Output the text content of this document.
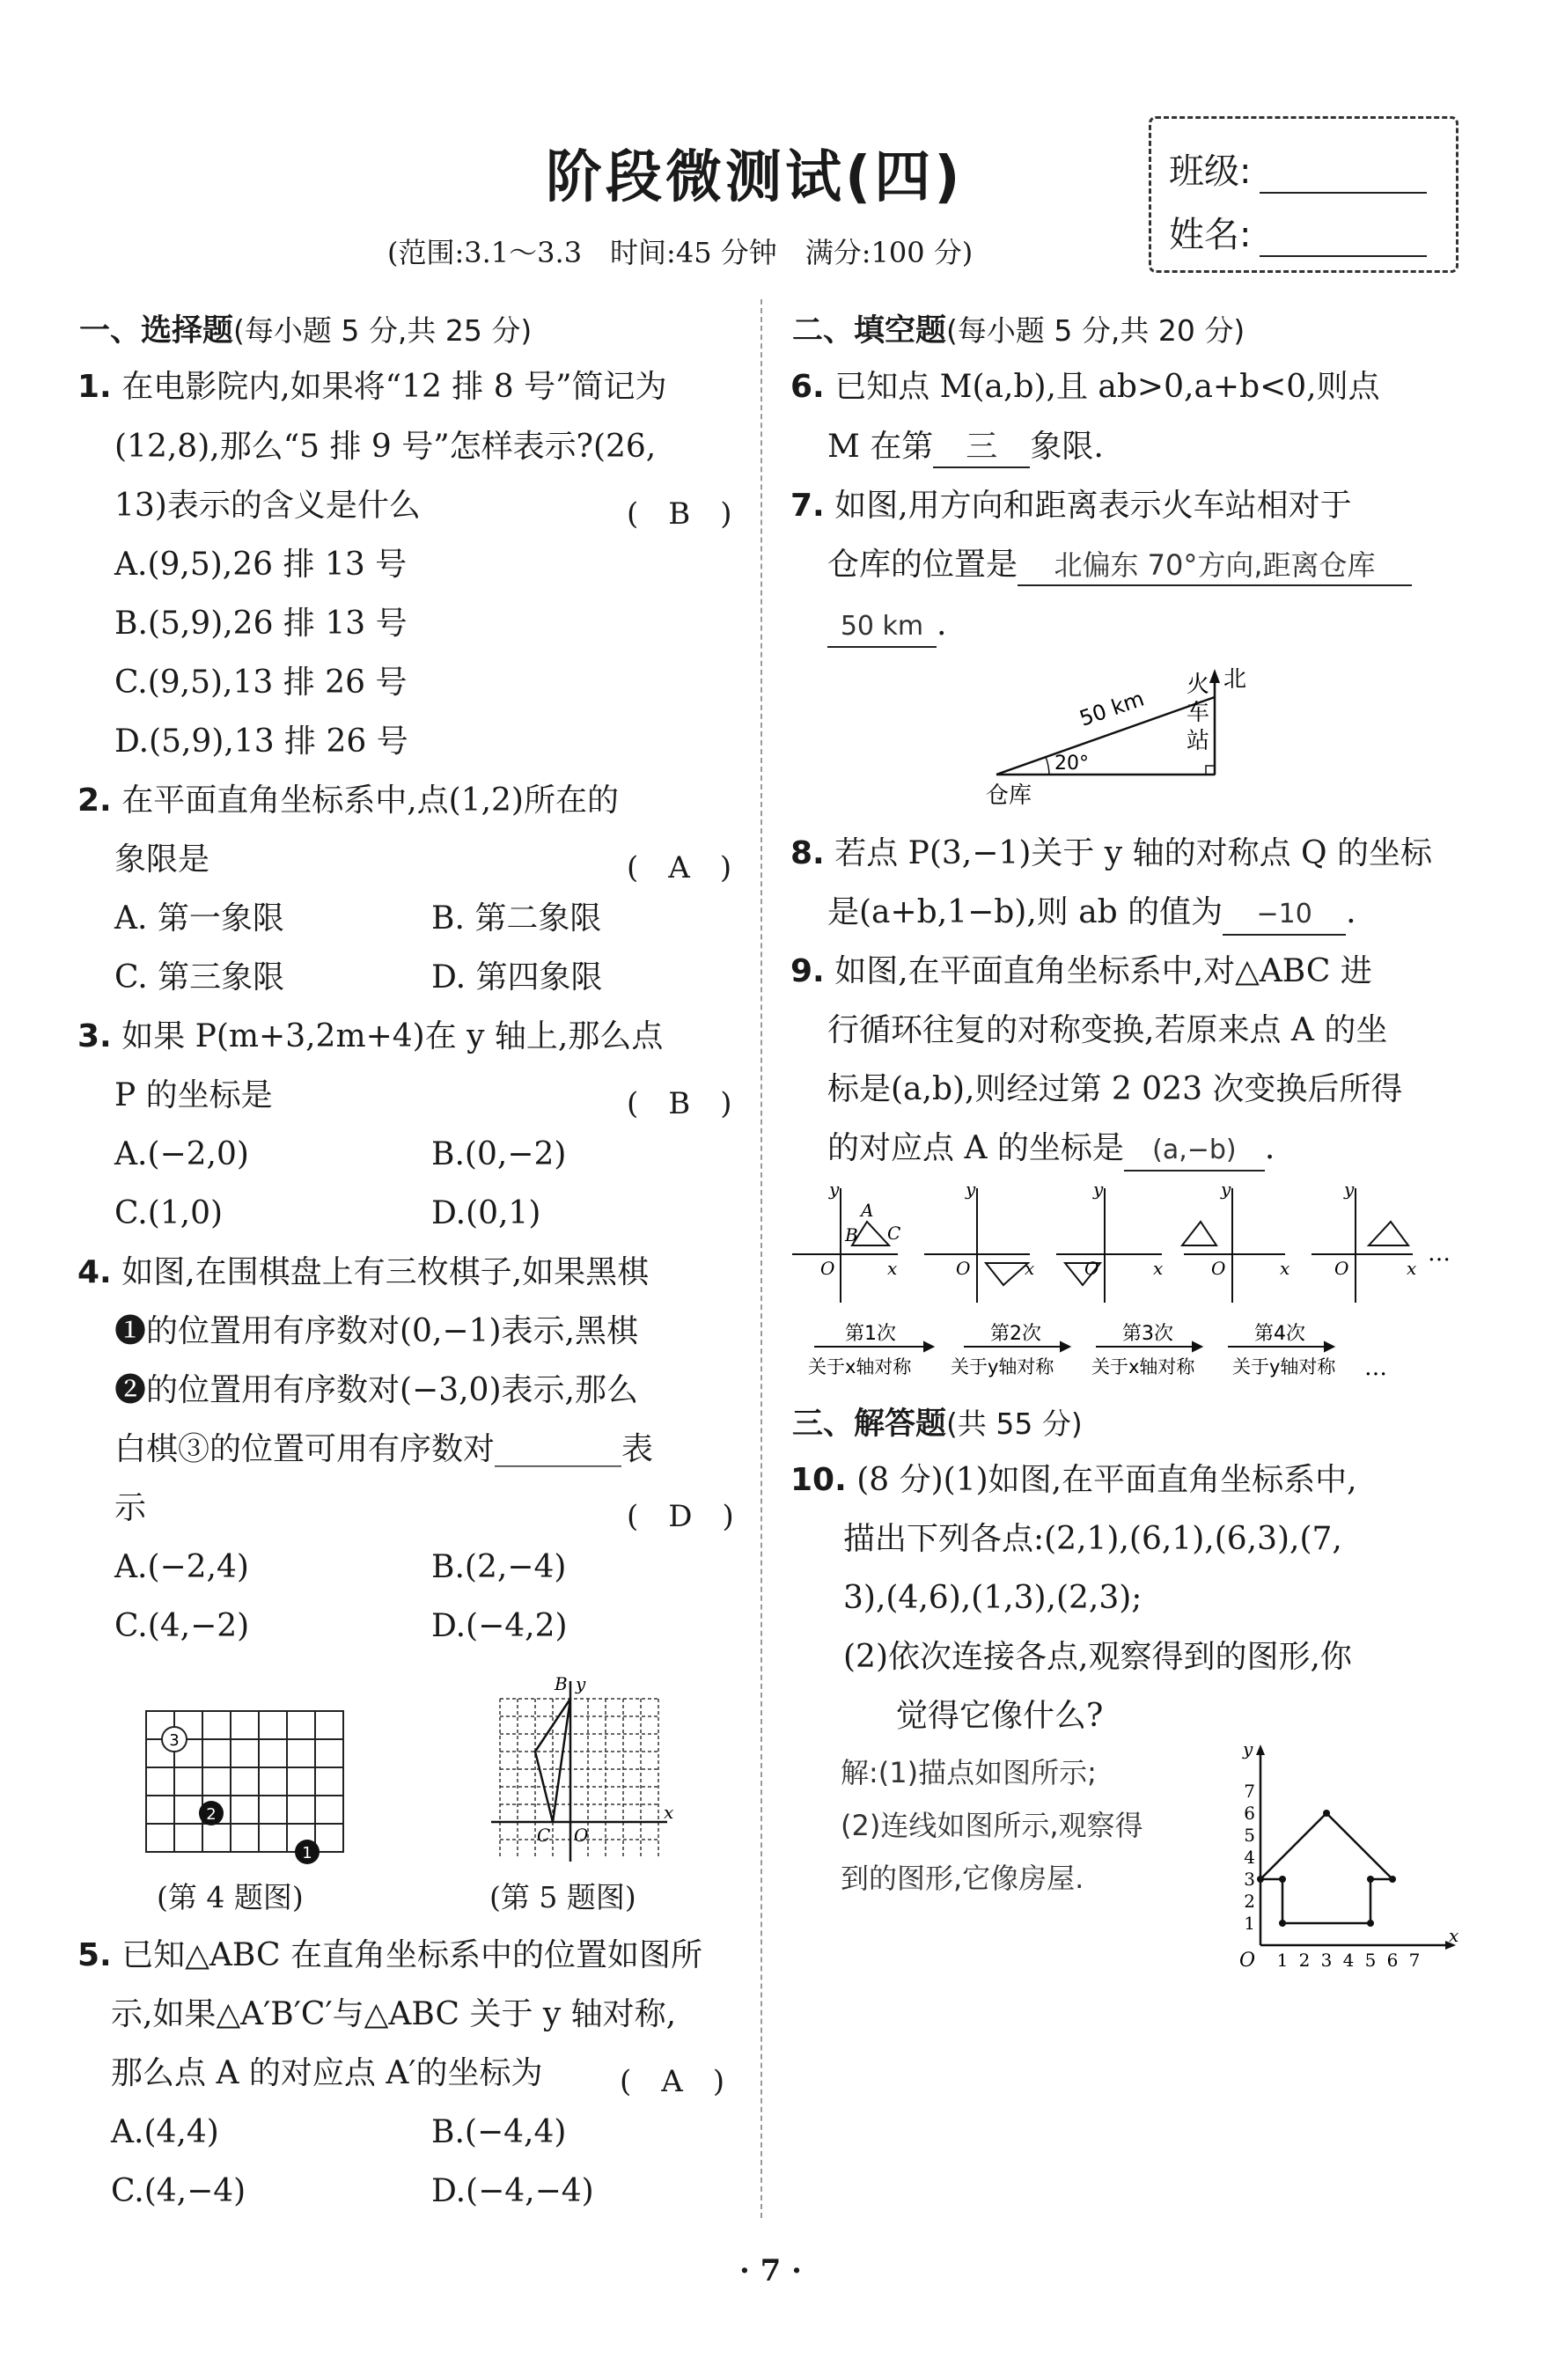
阶段微测试(四)
(范围:3.1～3.3　时间:45 分钟　满分:100 分)
班级:
姓名:
一、选择题(每小题 5 分,共 25 分)
1. 在电影院内,如果将“12 排 8 号”简记为
(12,8),那么“5 排 9 号”怎样表示?(26,
13)表示的含义是什么	(　B　)
A.(9,5),26 排 13 号
B.(5,9),26 排 13 号
C.(9,5),13 排 26 号
D.(5,9),13 排 26 号
2. 在平面直角坐标系中,点(1,2)所在的
象限是	(　A　)
A. 第一象限	B. 第二象限
C. 第三象限	D. 第四象限
3. 如果 P(m+3,2m+4)在 y 轴上,那么点
P 的坐标是	(　B　)
A.(−2,0)	B.(0,−2)
C.(1,0)	D.(0,1)
4. 如图,在围棋盘上有三枚棋子,如果黑棋
❶的位置用有序数对(0,−1)表示,黑棋
❷的位置用有序数对(−3,0)表示,那么
白棋③的位置可用有序数对________表
示	(　D　)
A.(−2,4)	B.(2,−4)
C.(4,−2)	D.(−4,2)
3
2
1
(第 4 题图)
B y
x
C O
(第 5 题图)
5. 已知△ABC 在直角坐标系中的位置如图所
示,如果△A′B′C′与△ABC 关于 y 轴对称,
那么点 A 的对应点 A′的坐标为	(　A　)
A.(4,4)	B.(−4,4)
C.(4,−4)	D.(−4,−4)
二、填空题(每小题 5 分,共 20 分)
6. 已知点 M(a,b),且 ab>0,a+b<0,则点
M 在第 三 象限.
7. 如图,用方向和距离表示火车站相对于
仓库的位置是 北偏东 70°方向,距离仓库
50 km .
50 km
20°
仓库
北
火
车
站
8. 若点 P(3,−1)关于 y 轴的对称点 Q 的坐标
是(a+b,1−b),则 ab 的值为 −10 .
9. 如图,在平面直角坐标系中,对△ABC 进
行循环往复的对称变换,若原来点 A 的坐
标是(a,b),则经过第 2 023 次变换后所得
的对应点 A 的坐标是 (a,−b) .
y
A
B C
O	x
y
O	x
y
O	x
y
O	x
y
O	x
…
第1次	第2次	第3次	第4次
关于x轴对称 关于y轴对称 关于x轴对称 关于y轴对称 …
三、解答题(共 55 分)
10. (8 分)(1)如图,在平面直角坐标系中,
描出下列各点:(2,1),(6,1),(6,3),(7,
3),(4,6),(1,3),(2,3);
(2)依次连接各点,观察得到的图形,你
觉得它像什么?
解:(1)描点如图所示;
(2)连线如图所示,观察得
到的图形,它像房屋.
y
x
O 1 2 3 4 5 6 7
1
2
3
4
5
6
7
· 7 ·
